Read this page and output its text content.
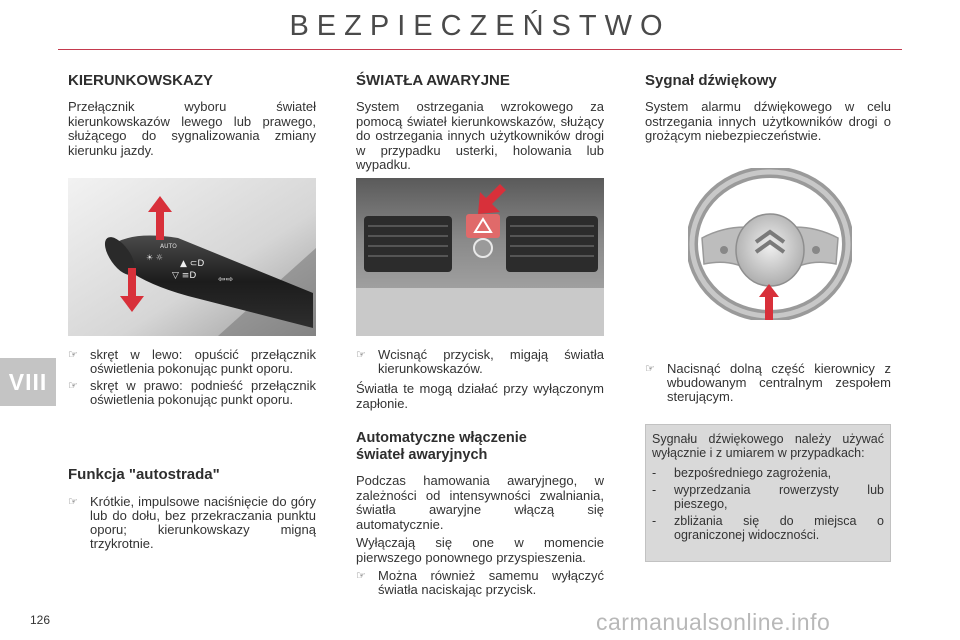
BEZPIECZEŃSTWO
VIII
126	carmanualsonline.info

KIERUNKOWSKAZY

Przełącznik wyboru świateł kierunkowskazów lewego lub prawego, służącego do sygnalizowania zmiany kierunku jazdy.

☀ ☼
AUTO
▲ ⊂D
▽ ≡D ⇦⇨
☞ skręt w lewo: opuścić przełącznik oświetlenia pokonując punkt oporu.
☞ skręt w prawo: podnieść przełącznik oświetlenia pokonując punkt oporu.

Funkcja "autostrada"

☞ Krótkie, impulsowe naciśnięcie do góry lub do dołu, bez przekraczania punktu oporu; kierunkowskazy migną trzykrotnie.

ŚWIATŁA AWARYJNE

System ostrzegania wzrokowego za pomocą świateł kierunkowskazów, służący do ostrzegania innych użytkowników drogi w przypadku usterki, holowania lub wypadku.

☞ Wcisnąć przycisk, migają światła kierunkowskazów.

Światła te mogą działać przy wyłączonym zapłonie.

Automatyczne włączenie
świateł awaryjnych

Podczas hamowania awaryjnego, w zależności od intensywności zwalniania, światła awaryjne włączą się automatycznie.

Wyłączają się one w momencie pierwszego ponownego przyspieszenia.

☞ Można również samemu wyłączyć światła naciskając przycisk.

Sygnał dźwiękowy

System alarmu dźwiękowego w celu ostrzegania innych użytkowników drogi o grożącym niebezpieczeństwie.

☞ Nacisnąć dolną część kierownicy z wbudowanym centralnym zespołem sterującym.
Sygnału dźwiękowego należy używać wyłącznie i z umiarem w przypadkach:
-	bezpośredniego zagrożenia,
-	wyprzedzania rowerzysty lub pieszego,
-	zbliżania się do miejsca o ograniczonej widoczności.
